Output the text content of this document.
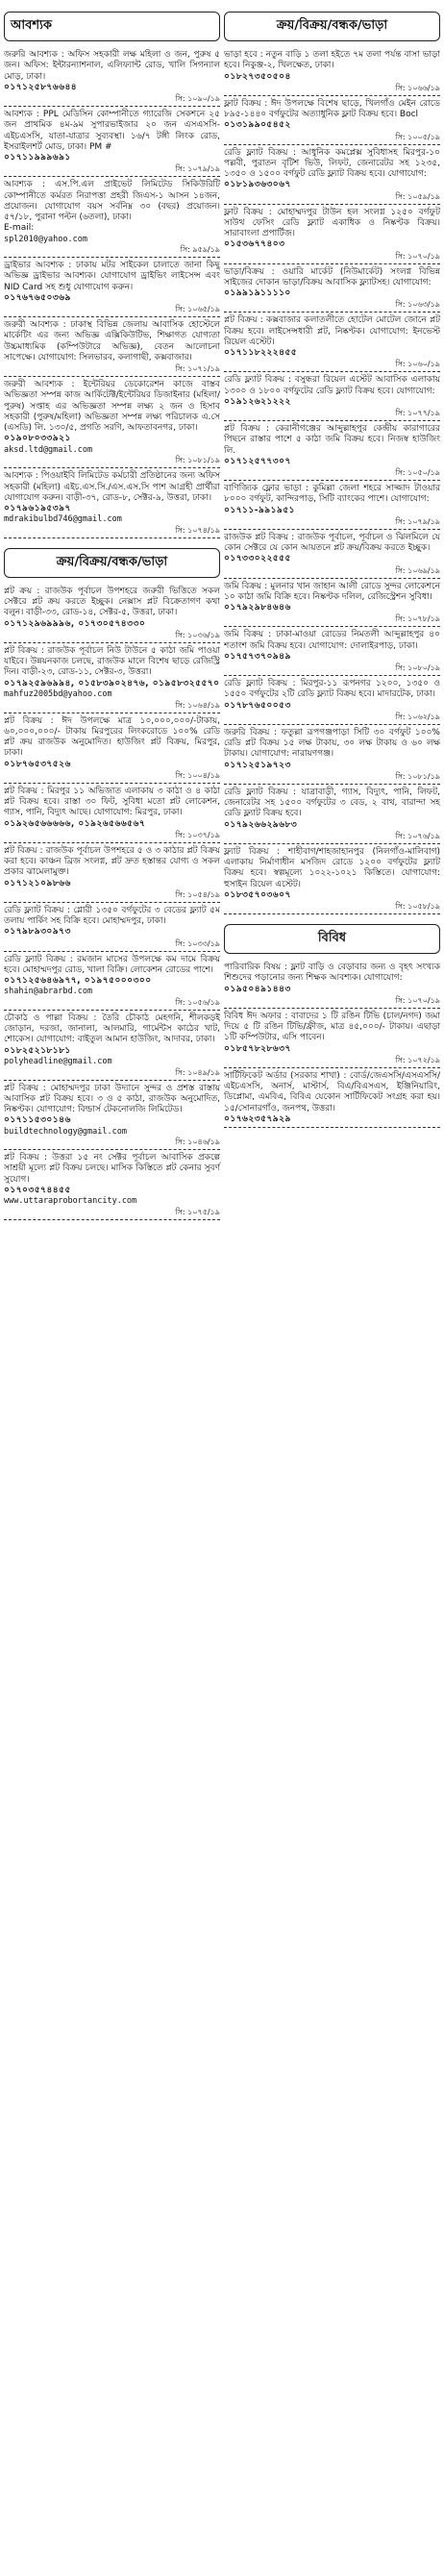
আবশ্যক
জরুরি আবশ্যক : অফিস সহকারী লক্ষ মহিলা ও জন, পুরুষ ৫ জন। অফিস: ইন্টারন্যাশনাল, এলিফ্যান্ট রোড, খালি সিগন্যাল মোড়, ঢাকা।
০১৭১২৫৮৭৬৬৪৪
সি: ১০৯০/১৯
আবশ্যক : PPL মেডিসিন কোম্পানীতে গ্যারেজি সেকশনে ২৫ জন প্রাথমিক ৪ম-৯ম সুপারভাইজার ২০ জন এসএসসি-এইচএসসি, যাতা-যাত্রার সুব্যবস্থা। ১৬/৭ টঙ্গী লিংক রোড, ইসরাইলশর্ট মোড, ঢাকা। PM #
০১৭১১৯৯৯৬৯১
সি: ১০৭৯/১৯
আবশ্যক : এস.পি.এল প্রাইভেট লিমিটেড সিকিউরিটি কোম্পানীতে কর্মরত নিরাপত্তা প্রহরী জিএস-১ আসন ১৪জন, প্রয়োজন। যোগাযোগ বয়স সর্বনিম্ন ৩০ (বছর) প্রয়োজন। ৫৭/১৮, পুরানা পল্টন (৬তলা), ঢাকা।
E-mail:
spl2010@yahoo.com
সি: ৯৫৯/১৯
ড্রাইভার আবশ্যক : ঢাকায় মটর সাইকেল চালাতে জানা কিছু অভিজ্ঞ ড্রাইভার আবশ্যক। যোগাযোগ ড্রাইভিং লাইসেন্স এবং NID Card সহ শুধু যোগাযোগ করুন।
০১৭৬৭৬৫০৩৬৯
সি: ১০৬৫/১৯
জরুরী আবশ্যক : ঢাকাস্থ বিভিন্ন জেলায় আবাসিক হোস্টেলে মার্কেটিং এর জন্য অভিজ্ঞ এক্সিকিউটিভ, শিক্ষাগত যোগ্যতা উচ্চমাধ্যমিক (কম্পিউটারে অভিজ্ঞ), বেতন আলোচনা সাপেক্ষে। যোগাযোগ: সিলভারব, কলাগাছী, কক্সবাজার।
সি: ১০৭১/১৯
জরুরী আবশ্যক : ইন্টেরিয়র ডেকোরেশন কাজে বাস্তব অভিজ্ঞতা সম্পন্ন কাজ আর্কিটেক্ট/ইন্টেরিয়র ডিজাইনার (মহিলা/পুরুষ) সপ্তাহ এর অভিজ্ঞতা সম্পন্ন লক্ষ্য ২ জন ও হিসাব সহকারী (পুরুষ/মহিলা) অভিজ্ঞতা সম্পন্ন লক্ষ্য পরিচালক এ.সে (এসডি) লি. ১৩০/৫, প্রগতি সরণি, আফতাবনগর, ঢাকা।
০১৯০৮০৩৩৯২১
aksd.ltd@gmail.com
সি: ১০৮১/১৯
আবশ্যক : পিওয়াইবি লিমিটেড কর্মচারী প্রতিষ্ঠানের জন্য অফিস সহকারী (মহিলা) এইচ.এস.সি./এস.এস.সি পাশ আগ্রহী প্রার্থীরা যোগাযোগ করুন। বাড়ী-৩৭, রোড-৮, সেক্টর-৯, উত্তরা, ঢাকা।
০১৭৯৬১৯৫৩৯৭
mdrakibulbd746@gmail.com
সি: ১০৭৪/১৯
ক্রয়/বিক্রয়/বন্ধক/ভাড়া
প্লট ক্রয় : রাজউক পূর্বাচল উপশহরে জরুরী ভিত্তিতে সকল সেক্টরে প্লট ক্রয় করতে ইচ্ছুক। নেক্সাস প্লট বিক্রেতাগণ কথা বলুন। বাড়ী-৩৩, রোড-১৪, সেক্টর-৫, উত্তরা, ঢাকা।
০১৭১২৯৬৯৯৯৬, ০১৭৩০৫৭৪৩৩০
সি: ১০৩৬/১৯
প্লট বিক্রয় : রাজউক পূর্বাচল নিউ টাউনে ৫ কাঠা জমি পাওয়া যাইবে। উন্নয়নকাজ চলছে, রাজউক মালে বিশেষ ছাড়ে রেজিস্ট্রি দিন। বাড়ী-২৩, রোড-১১, সেক্টর-৩, উত্তরা।
০১৭৯২৫৯৬৯৯৪, ০১৫৮৩৯০২৪৭৬, ০১৯৫৮৩২৫৫৭০
mahfuz2005bd@yahoo.com
সি: ১০৬৪/১৯
প্লট বিক্রয় : ঈদ উপলক্ষে মাত্র ১০,০০০,০০০/-টাকায়, ৬০,০০০,০০০/- টাকায় মিরপুরের লিংকরোডে ১০০% রেডি প্লট ক্রয় রাজউক অনুমোদিত। হাউজিং প্লট বিক্রয়, মিরপুর, ঢাকা।
০১৮৭৬৫৩৭৫২৬
সি: ১০০৪/১৯
প্লট বিক্রয় : মিরপুর ১১ অভিজাত এলাকায় ৩ কাঠা ও ৪ কাঠা প্লট বিক্রয় হবে। রাস্তা ৩০ ফিট, সুবিধা মতো প্লট লোকেশন, গ্যাস, পানি, বিদ্যুৎ আছে। যোগাযোগ: মিরপুর, ঢাকা।
০১৯২৬৫৬৬৬৬৬, ০১৯২৬৫৬৬৫৬৭
সি: ১০৩৭/১৯
প্লট বিক্রয় : রাজউক পূর্বাচল উপশহরে ৫ ও ৩ কাঠার প্লট বিক্রয় করা হবে। কাঞ্চন ব্রিজ সংলগ্ন, প্লট দ্রুত হস্তান্তর যোগ্য ও সকল প্রকার ঝামেলামুক্ত।
০১৭১২১০৯৮৬৬
সি: ১০৫৪/১৯
রেডি ফ্ল্যাট বিক্রয় : গ্লোরী ১৩৫০ বর্গফুটের ৩ বেডের ফ্ল্যাট ৫ম তলায় পার্কিং সহ বিক্রি হবে। মোহাম্মদপুর, ঢাকা।
০১৭৯৮৯৩০৯৭৩
সি: ১০৩৩/১৯
রেডি ফ্ল্যাট বিক্রয় : রমজান মাসের উপলক্ষে কম দামে বিক্রয় হবে। মোহাম্মদপুর রোড, খালা বিক্রি। লোকেশন রোডের পাশে।
০১৭১২৫৬৪৬৯৭৭, ০১৯৭৫০০০৩০০
shahin@abrarbd.com
সি: ১০৫৬/১৯
চৌকাঠ ও পাল্লা বিক্রয় : তৈরি চৌকাঠ মেহগনি, শীলকড়ই জোড়ান, দরজা, জানালা, আলমারি, গার্মেন্টস কাঠের খাট, শোকেস। যোগাযোগ: বাইতুল আমান হাউজিং, আদাবর, ঢাকা।
০১৮২৫২১৮১৮১
polyheadline@gmail.com
সি: ১০৪৯/১৯
প্লট বিক্রয় : মোহাম্মদপুর ঢাকা উদ্যানে সুন্দর ও প্রশস্ত রাস্তায় আবাসিক প্লট বিক্রয় হবে। ৩ ও ৫ কাঠা, রাজউক অনুমোদিত, নিষ্কণ্টক। যোগাযোগ: বিল্ডার্স টেকনোলজি লিমিটেড।
০১৭১১৫৩০১৪৬
buildtechnology@gmail.com
সি: ১০৪৬/১৯
প্লট বিক্রয় : উত্তরা ১৫ নং সেক্টর পূর্বাচল আবাসিক প্রকল্পে সাশ্রয়ী মূল্যে প্লট বিক্রয় চলছে। মাসিক কিস্তিতে প্লট কেনার সুবর্ণ সুযোগ।
০১৭০৩৫৭৪৪৫৫
www.uttaraprobortancity.com
সি: ১০৭৫/১৯
ক্রয়/বিক্রয়/বন্ধক/ভাড়া
ভাড়া হবে : নতুন বাড়ি ১ তলা হইতে ৭ম তলা পর্যন্ত বাসা ভাড়া হবে। নিকুঞ্জ-২, খিলক্ষেত, ঢাকা।
০১৮২৭৩৫০৫০৪
সি: ১০৬৬/১৯
ফ্লাট বিক্রয় : ঈদ উপলক্ষে বিশেষ ছাড়ে, খিলগাঁও মেইন রোডে ৮৯৫-১৪৪০ বর্গফুটের অত্যাধুনিক ফ্লাট বিক্রয় হবে। Bocl
০১৩১৯৯০৫৪৫২
সি: ১০০৫/১৯
রেডি ফ্ল্যাট বিক্রয় : আধুনিক কমপ্লেক্স সুবিধাসহ মিরপুর-১০ পল্লবী, পুরাতন বৃটিশ ভিউ, লিফট, জেনারেটর সহ ১২৩৫, ১৩৫০ ও ১৫০০ বর্গফুট রেডি ফ্ল্যাট বিক্রয় হবে। যোগাযোগ:
০১৮১৯৩৬৩০৬৭
সি: ১০৫৯/১৯
ফ্লাট বিক্রয় : মোহাম্মদপুর টাউন হল সংলগ্ন ১২৫০ বর্গফুট সাউথ ফেসিং রেডি ফ্ল্যাট একাধিক ও নিষ্কণ্টক বিক্রয়। সারাবাংলা প্রপার্টিজ।
০১৫৩৬৭৭৪০৩
সি: ১০৭০/১৯
ভাড়া/বিক্রয় : ওয়ারি মার্কেট (নিউমার্কেট) সংলগ্ন বিভিন্ন সাইজের দোকান ভাড়া/বিক্রয় আবাসিক ফ্ল্যাটসহ। যোগাযোগ:
০১৯৯১৯১১১১০
সি: ১০৬৩/১৯
প্লট বিক্রয় : কক্সবাজার কলাতলীতে হোটেল মোটেল জোনে প্লট বিক্রয় হবে। লাইসেন্সধারী প্লট, নিষ্কণ্টক। যোগাযোগ: ইনভেস্ট রিয়েল এস্টেট।
০১৭১১৮২২২৪৫৫
সি: ১০৬০/১৯
রেডি ফ্ল্যাট বিক্রয় : বসুন্ধরা রিয়েল এস্টেট আবাসিক এলাকায় ১৩০০ ও ১৮০০ বর্গফুটের রেডি ফ্ল্যাট বিক্রয় হবে। যোগাযোগ:
০১৯১২৬২১২২২
সি: ১০৭৭/১৯
প্লট বিক্রয় : কেরানীগঞ্জের আব্দুল্লাহপুর কেন্দ্রীয় কারাগারের পিছনে রাস্তার পাশে ৫ কাঠা জমি বিক্রয় হবে। নিজস্ব হাউজিং লি.
০১৭১২৫৭৭৩০৭
সি: ১০৫০/১৯
বাণিজ্যিক ফ্লোর ভাড়া : কুমিল্লা জেলা শহরে সাজ্জাদ টাওয়ার ৮০০০ বর্গফুট, কান্দিরপাড়, সিটি ব্যাংকের পাশে। যোগাযোগ:
০১৭১১-৯৯১৯৫১
সি: ১০৭৯/১৯
রাজউক প্লট বিক্রয় : রাজউক পূর্বাচল, পূর্বাচল ও ঝিলমিলে যে কোন সেক্টরে যে কোন আয়তনে প্লট ক্রয়/বিক্রয় করতে ইচ্ছুক।
০১৭৩৩০২২৫৫৫
সি: ১০৬৯/১৯
জমি বিক্রয় : মুলনার খান জাহান আলী রোডে সুন্দর লোকেশনে ১০ কাঠা জমি বিক্রি হবে। নিষ্কণ্টক দলিল, রেজিস্ট্রেশন সুবিধা।
০১৭৯২৯৮৪৬৪৬
সি: ১০৭৮/১৯
জমি বিক্রয় : ঢাকা-মাওয়া রোডের নিমতলী আব্দুল্লাহপুর ৪০ শতাংশ জমি বিক্রয় হবে। যোগাযোগ: দোলাইরপাড়, ঢাকা।
০১৭৫৭৩৭০৯৪৯
সি: ১০৮০/১৯
রেডি ফ্ল্যাট বিক্রয় : মিরপুর-১১ রূপনগর ১২০০, ১৩৫০ ও ১৫৫০ বর্গফুটের ২টি রেডি ফ্ল্যাট বিক্রয় হবে। মাদারটেক, ঢাকা।
০১৭৮৭৬৫০০৫৩
সি: ১০৬২/১৯
জরুরি বিক্রয় : ফতুল্লা রূপগঞ্জপাড়া সিটি ৩০ বর্গফুট ১০০% রেডি প্লট বিক্রয় ১৫ লক্ষ টাকায়, ৩০ লক্ষ টাকায় ও ৬০ লক্ষ টাকায়। যোগাযোগ: নারায়ণগঞ্জ।
০১৭১২৫১৯৭২৩
সি: ১০৮১/১৯
রেডি ফ্ল্যাট বিক্রয় : যাত্রাবাড়ী, গ্যাস, বিদ্যুৎ, পানি, লিফট, জেনারেটর সহ ১৫০০ বর্গফুটের ৩ বেড, ২ বাথ, বারান্দা সহ রেডি ফ্ল্যাট বিক্রয় হবে।
০১৭৯২৬৬২৯৬৮৩
সি: ১০৭৬/১৯
ফ্ল্যাট বিক্রয় : শাহীবাগ/শাহজাহানপুর (নিলগাঁও-মালিবাগ) এলাকায় নির্মাণাধীন মসজিদ রোডে ১২০০ বর্গফুটের ফ্ল্যাট বিক্রয় হবে। স্বল্পমূল্যে ১০২২-১০২১ কিস্তিতে। যোগাযোগ: হুসাইন রিয়েল এস্টেট।
০১৮৩৫৭০৩৬০৭
সি: ১০৫৮/১৯
বিবিধ
পারিবারিক বিষয় : ফ্লাট বাড়ি ও বেড়াবার জন্য ও বৃহৎ সংখ্যক শিশুদের পড়ানোর জন্য শিক্ষক আবশ্যক। যোগাযোগ:
০১৯৫০৪৯১৪৪৩
সি: ১০৭০/১৯
বিবিধ ঈদ অফার : বাবাদের ১ টি রঙিন টিভি (চাল/নগদ) জমা দিয়ে ৫ টি রঙিন টিভি/ফ্রীজ, মাত্র ৪৫,০০০/- টাকায়। এছাড়া ১টি কম্পিউটার, এসি পাবেন।
০১৮৫৭৮২৮৬৩৭
সি: ১০৭২/১৯
সার্টিফিকেট অর্ডার (সরকার শাখা) : বোর্ড/জেএসসি/এসএসসি/এইচএসসি, অনার্স, মাস্টার্স, বিএ/বিএসএস, ইঞ্জিনিয়ারিং, ডিপ্লোমা, এমবিএ, বিবিএ যেকোন সার্টিফিকেট সংগ্রহ করা হয়। ১৫/সোনারগাঁও, জনপথ, উত্তরা।
০১৭৬২৩৫৭৯২৯
